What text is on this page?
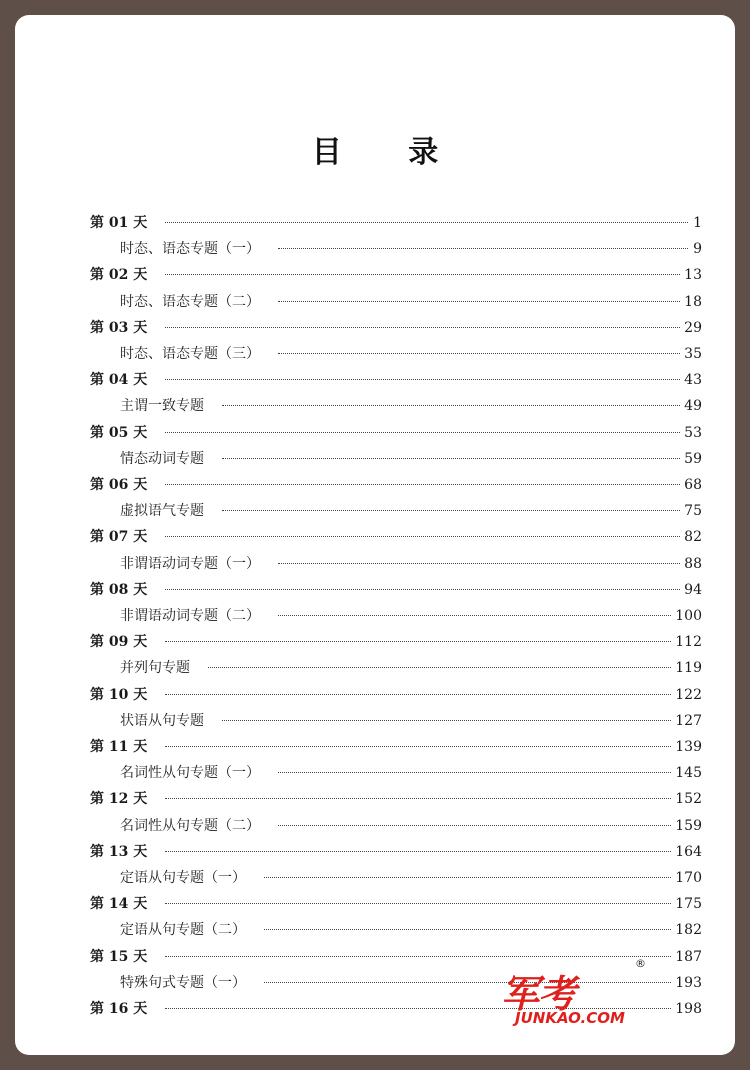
目 录
第 01 天	1
时态、语态专题（一）	9
第 02 天	13
时态、语态专题（二）	18
第 03 天	29
时态、语态专题（三）	35
第 04 天	43
主谓一致专题	49
第 05 天	53
情态动词专题	59
第 06 天	68
虚拟语气专题	75
第 07 天	82
非谓语动词专题（一）	88
第 08 天	94
非谓语动词专题（二）	100
第 09 天	112
并列句专题	119
第 10 天	122
状语从句专题	127
第 11 天	139
名词性从句专题（一）	145
第 12 天	152
名词性从句专题（二）	159
第 13 天	164
定语从句专题（一）	170
第 14 天	175
定语从句专题（二）	182
第 15 天	187
特殊句式专题（一）	193
第 16 天	198
军考
®
JUNKAO.COM
